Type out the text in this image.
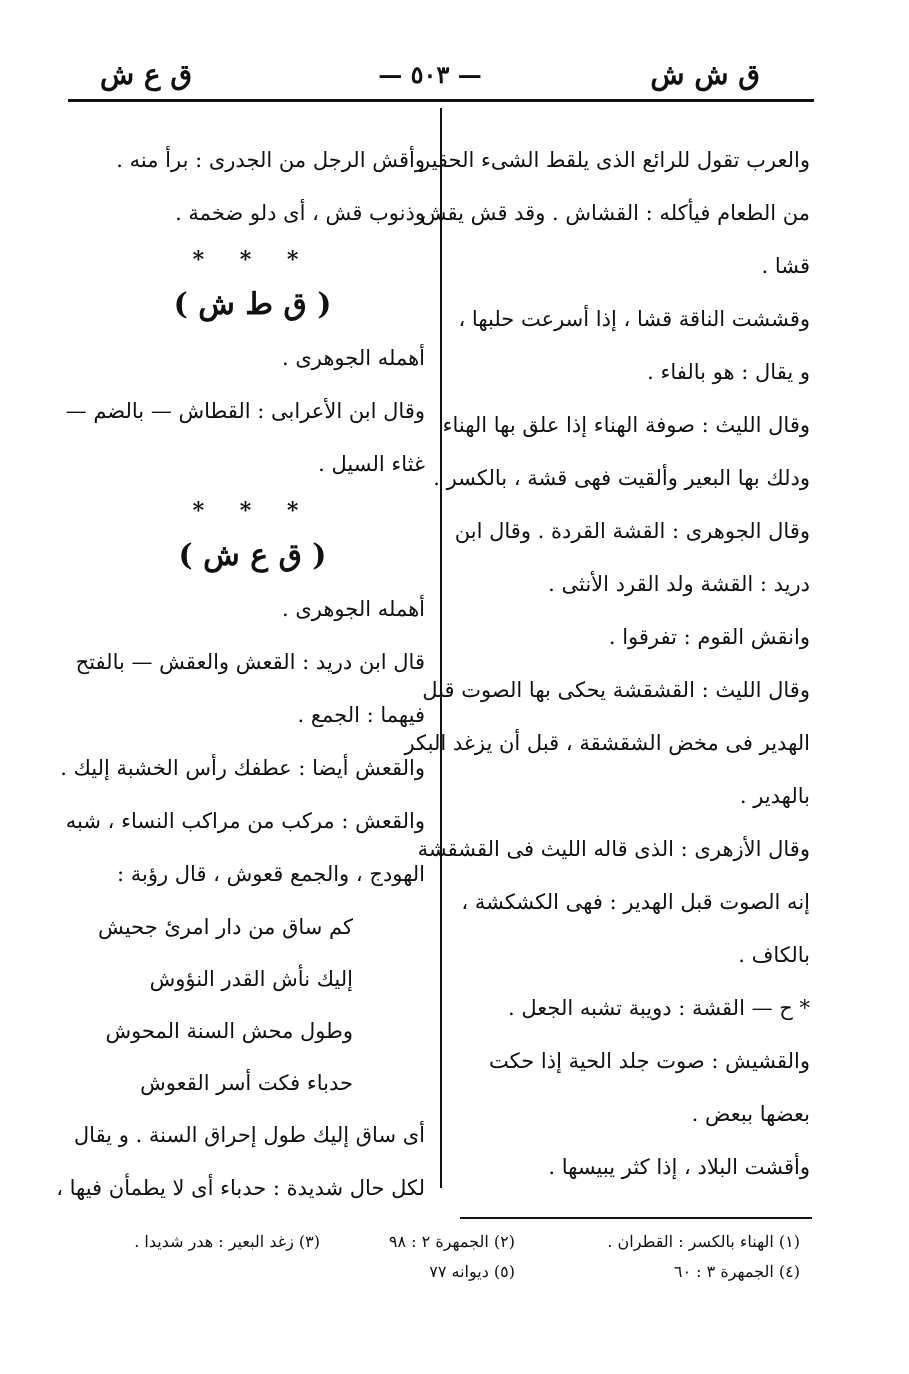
ق ش ش
— ٥٠٣ —
ق ع ش
والعرب تقول للرائع الذى يلقط الشىء الحقير
من الطعام فيأكله : القشاش . وقد قش يقش
قشا .
وقششت الناقة قشا ، إذا أسرعت حلبها ،
و يقال : هو بالفاء .
وقال الليث : صوفة الهناء إذا علق بها الهناء
ودلك بها البعير وألقيت فهى قشة ، بالكسر .
وقال الجوهرى : القشة القردة . وقال ابن
دريد : القشة ولد القرد الأنثى .
وانقش القوم : تفرقوا .
وقال الليث : القشقشة يحكى بها الصوت قبل
الهدير فى مخض الشقشقة ، قبل أن يزغد البكر
بالهدير .
وقال الأزهرى : الذى قاله الليث فى القشقشة
إنه الصوت قبل الهدير : فهى الكشكشة ،
بالكاف .
* ح — القشة : دويبة تشبه الجعل .
والقشيش : صوت جلد الحية إذا حكت
بعضها ببعض .
وأقشت البلاد ، إذا كثر يبيسها .
وأقش الرجل من الجدرى : برأ منه .
وذنوب قش ، أى دلو ضخمة .
* * *
( ق ط ش )
أهمله الجوهرى .
وقال ابن الأعرابى : القطاش — بالضم —
غثاء السيل .
* * *
( ق ع ش )
أهمله الجوهرى .
قال ابن دريد : القعش والعقش — بالفتح
فيهما : الجمع .
والقعش أيضا : عطفك رأس الخشبة إليك .
والقعش : مركب من مراكب النساء ، شبه
الهودج ، والجمع قعوش ، قال رؤبة :
كم ساق من دار امرئ جحيش
إليك نأش القدر النؤوش
وطول محش السنة المحوش
حدباء فكت أسر القعوش
أى ساق إليك طول إحراق السنة . و يقال
لكل حال شديدة : حدباء أى لا يطمأن فيها ،
(١) الهناء بالكسر : القطران .
(٢) الجمهرة ٢ : ٩٨
(٣) زغد البعير : هدر شديدا .
(٤) الجمهرة ٣ : ٦٠
(٥) ديوانه ٧٧
